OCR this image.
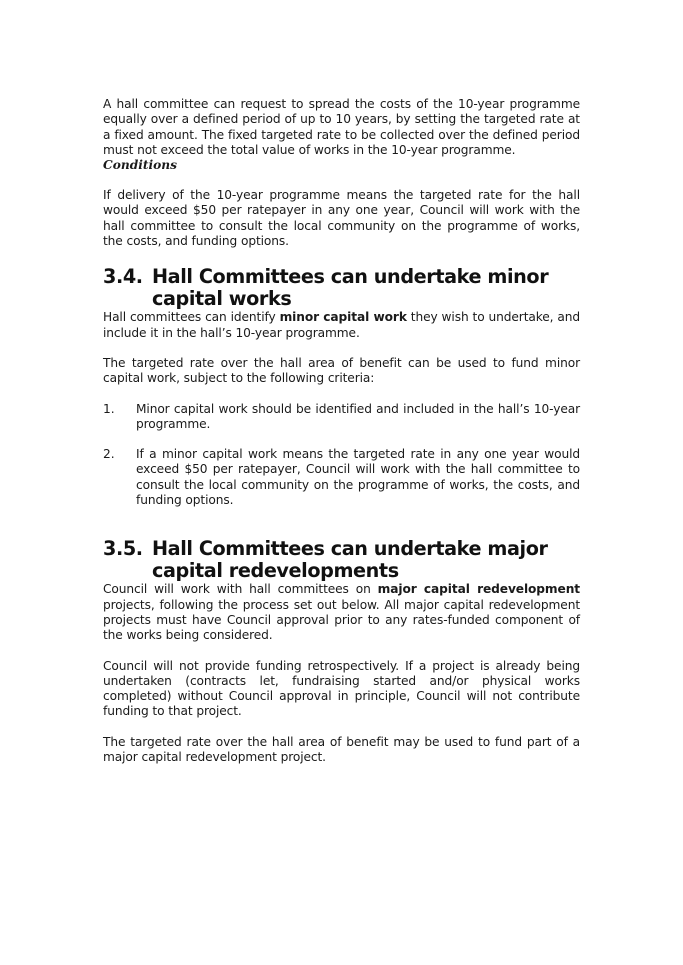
A hall committee can request to spread the costs of the 10-year programme equally over a defined period of up to 10 years, by setting the targeted rate at a fixed amount. The fixed targeted rate to be collected over the defined period must not exceed the total value of works in the 10-year programme.

Conditions

If delivery of the 10-year programme means the targeted rate for the hall would exceed $50 per ratepayer in any one year, Council will work with the hall committee to consult the local community on the programme of works, the costs, and funding options.

3.4. Hall Committees can undertake minor capital works

Hall committees can identify minor capital work they wish to undertake, and include it in the hall’s 10-year programme.

The targeted rate over the hall area of benefit can be used to fund minor capital work, subject to the following criteria:

1. Minor capital work should be identified and included in the hall’s 10-year programme.

2. If a minor capital work means the targeted rate in any one year would exceed $50 per ratepayer, Council will work with the hall committee to consult the local community on the programme of works, the costs, and funding options.

3.5. Hall Committees can undertake major capital redevelopments

Council will work with hall committees on major capital redevelopment projects, following the process set out below. All major capital redevelopment projects must have Council approval prior to any rates-funded component of the works being considered.

Council will not provide funding retrospectively. If a project is already being undertaken (contracts let, fundraising started and/or physical works completed) without Council approval in principle, Council will not contribute funding to that project.

The targeted rate over the hall area of benefit may be used to fund part of a major capital redevelopment project.
